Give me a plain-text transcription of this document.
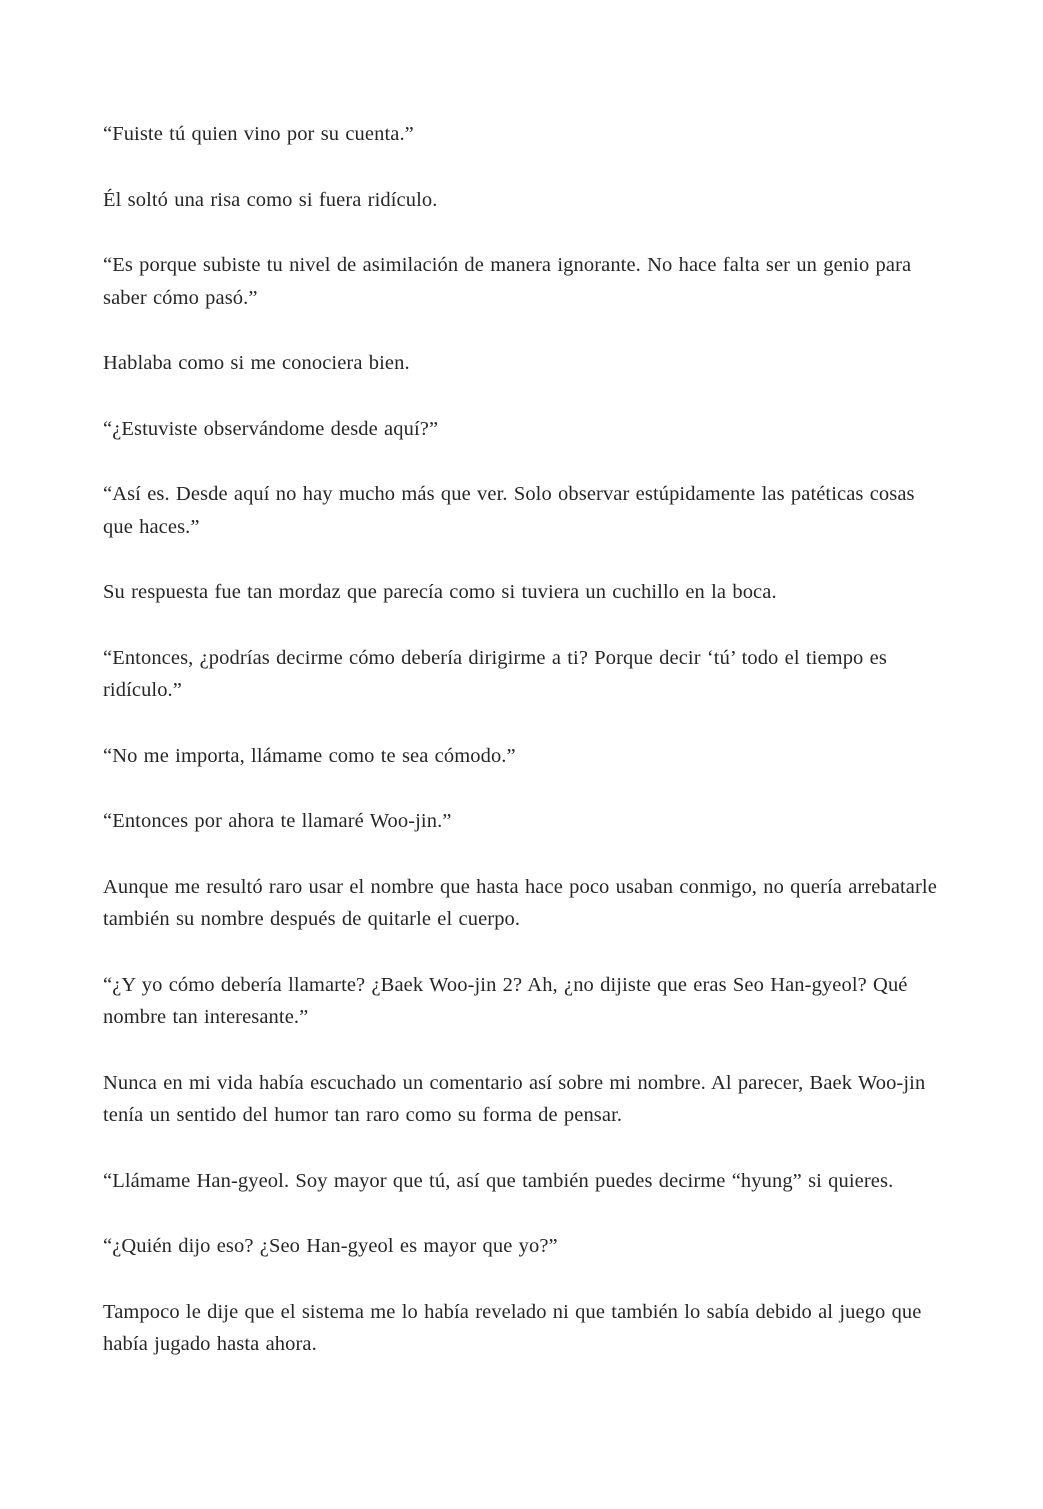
“Fuiste tú quien vino por su cuenta.”

Él soltó una risa como si fuera ridículo.

“Es porque subiste tu nivel de asimilación de manera ignorante. No hace falta ser un genio para saber cómo pasó.”

Hablaba como si me conociera bien.

“¿Estuviste observándome desde aquí?”

“Así es. Desde aquí no hay mucho más que ver. Solo observar estúpidamente las patéticas cosas que haces.”

Su respuesta fue tan mordaz que parecía como si tuviera un cuchillo en la boca.

“Entonces, ¿podrías decirme cómo debería dirigirme a ti? Porque decir ‘tú’ todo el tiempo es ridículo.”

“No me importa, llámame como te sea cómodo.”

“Entonces por ahora te llamaré Woo-jin.”

Aunque me resultó raro usar el nombre que hasta hace poco usaban conmigo, no quería arrebatarle también su nombre después de quitarle el cuerpo.

“¿Y yo cómo debería llamarte? ¿Baek Woo-jin 2? Ah, ¿no dijiste que eras Seo Han-gyeol? Qué nombre tan interesante.”

Nunca en mi vida había escuchado un comentario así sobre mi nombre. Al parecer, Baek Woo-jin tenía un sentido del humor tan raro como su forma de pensar.

“Llámame Han-gyeol. Soy mayor que tú, así que también puedes decirme “hyung” si quieres.

“¿Quién dijo eso? ¿Seo Han-gyeol es mayor que yo?”

Tampoco le dije que el sistema me lo había revelado ni que también lo sabía debido al juego que había jugado hasta ahora.
